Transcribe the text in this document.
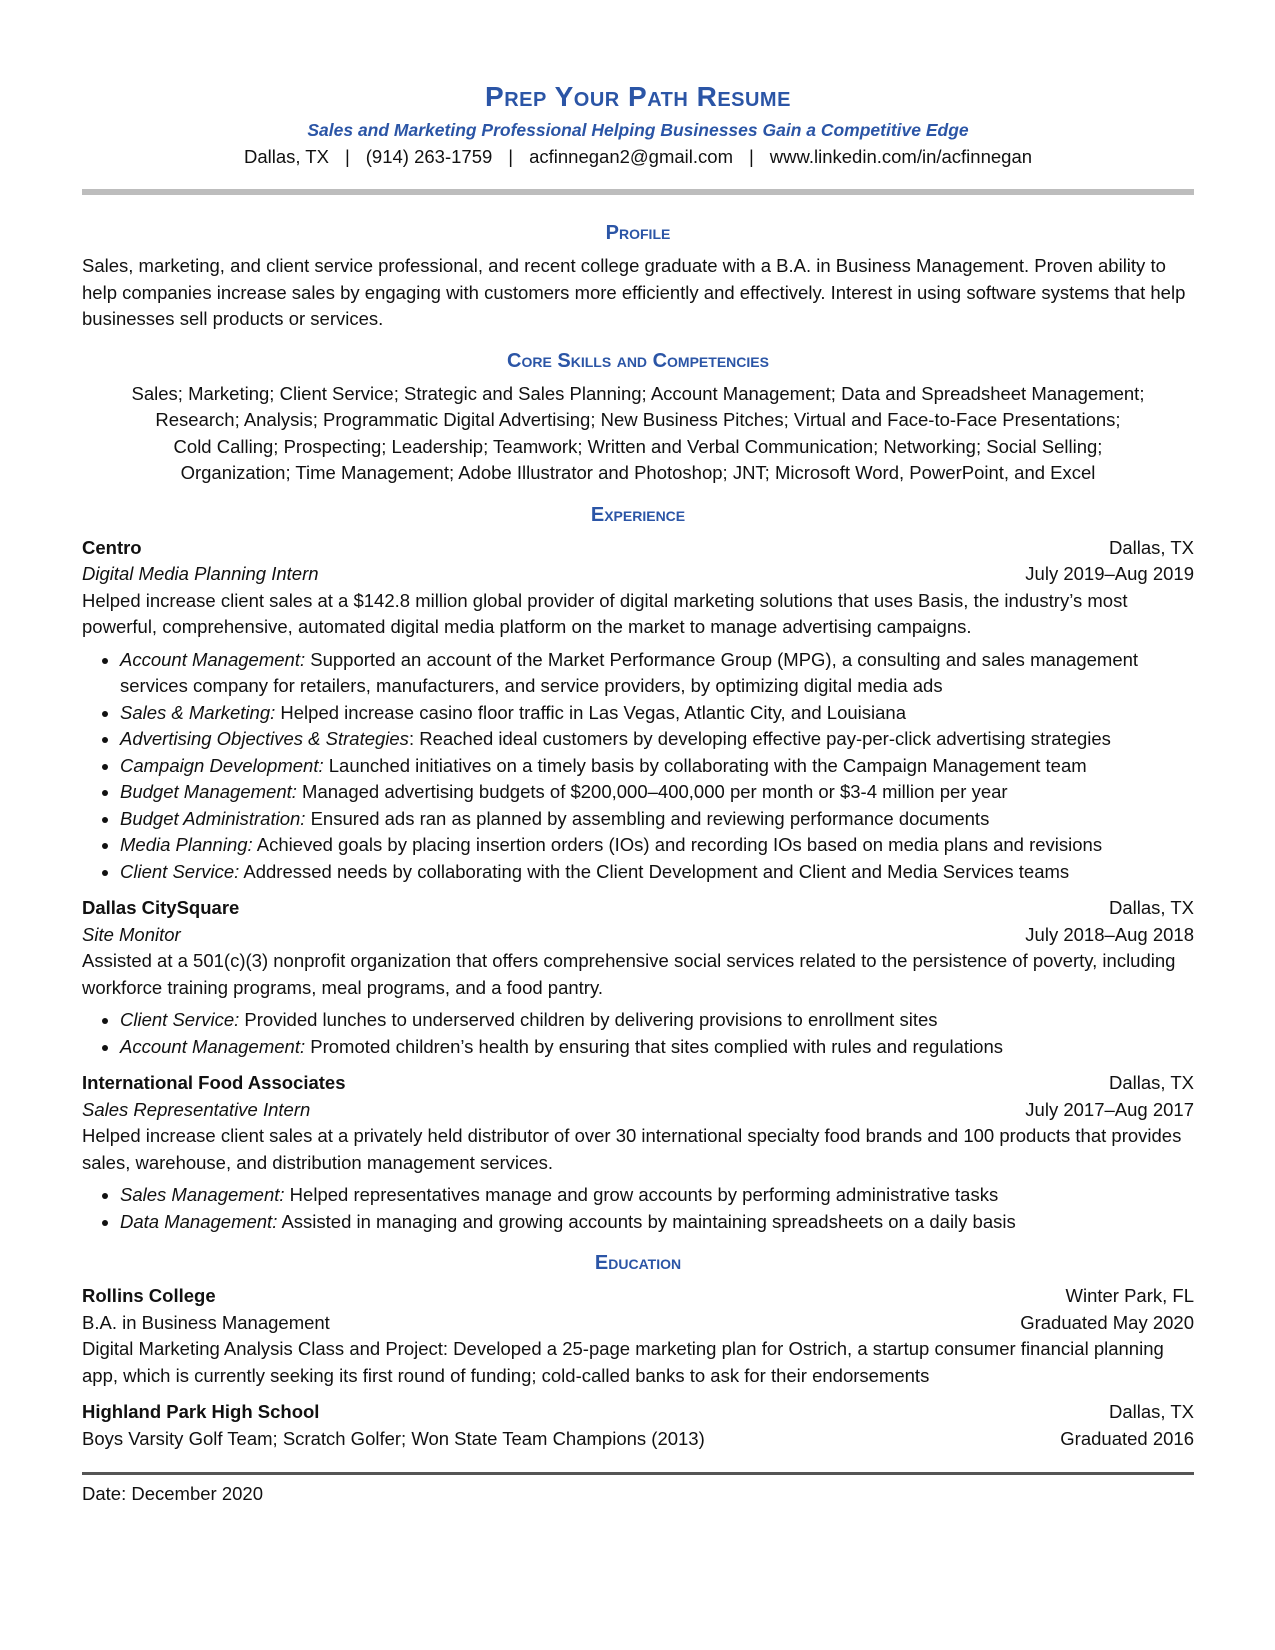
Prep Your Path Resume
Sales and Marketing Professional Helping Businesses Gain a Competitive Edge
Dallas, TX | (914) 263-1759 | acfinnegan2@gmail.com | www.linkedin.com/in/acfinnegan
Profile

Sales, marketing, and client service professional, and recent college graduate with a B.A. in Business Management. Proven ability to help companies increase sales by engaging with customers more efficiently and effectively. Interest in using software systems that help businesses sell products or services.

Core Skills and Competencies
Sales; Marketing; Client Service; Strategic and Sales Planning; Account Management; Data and Spreadsheet Management;
Research; Analysis; Programmatic Digital Advertising; New Business Pitches; Virtual and Face-to-Face Presentations;
Cold Calling; Prospecting; Leadership; Teamwork; Written and Verbal Communication; Networking; Social Selling;
Organization; Time Management; Adobe Illustrator and Photoshop; JNT; Microsoft Word, PowerPoint, and Excel
Experience
Centro	Dallas, TX
Digital Media Planning Intern	July 2019–Aug 2019

Helped increase client sales at a $142.8 million global provider of digital marketing solutions that uses Basis, the industry’s most powerful, comprehensive, automated digital media platform on the market to manage advertising campaigns.

• Account Management: Supported an account of the Market Performance Group (MPG), a consulting and sales management services company for retailers, manufacturers, and service providers, by optimizing digital media ads
• Sales & Marketing: Helped increase casino floor traffic in Las Vegas, Atlantic City, and Louisiana
• Advertising Objectives & Strategies: Reached ideal customers by developing effective pay-per-click advertising strategies
• Campaign Development: Launched initiatives on a timely basis by collaborating with the Campaign Management team
• Budget Management: Managed advertising budgets of $200,000–400,000 per month or $3-4 million per year
• Budget Administration: Ensured ads ran as planned by assembling and reviewing performance documents
• Media Planning: Achieved goals by placing insertion orders (IOs) and recording IOs based on media plans and revisions
• Client Service: Addressed needs by collaborating with the Client Development and Client and Media Services teams
Dallas CitySquare	Dallas, TX
Site Monitor	July 2018–Aug 2018

Assisted at a 501(c)(3) nonprofit organization that offers comprehensive social services related to the persistence of poverty, including workforce training programs, meal programs, and a food pantry.

• Client Service: Provided lunches to underserved children by delivering provisions to enrollment sites
• Account Management: Promoted children’s health by ensuring that sites complied with rules and regulations
International Food Associates	Dallas, TX
Sales Representative Intern	July 2017–Aug 2017

Helped increase client sales at a privately held distributor of over 30 international specialty food brands and 100 products that provides sales, warehouse, and distribution management services.

• Sales Management: Helped representatives manage and grow accounts by performing administrative tasks
• Data Management: Assisted in managing and growing accounts by maintaining spreadsheets on a daily basis
Education
Rollins College	Winter Park, FL
B.A. in Business Management	Graduated May 2020

Digital Marketing Analysis Class and Project: Developed a 25-page marketing plan for Ostrich, a startup consumer financial planning app, which is currently seeking its first round of funding; cold-called banks to ask for their endorsements

Highland Park High School	Dallas, TX
Boys Varsity Golf Team; Scratch Golfer; Won State Team Champions (2013)	Graduated 2016
Date: December 2020
